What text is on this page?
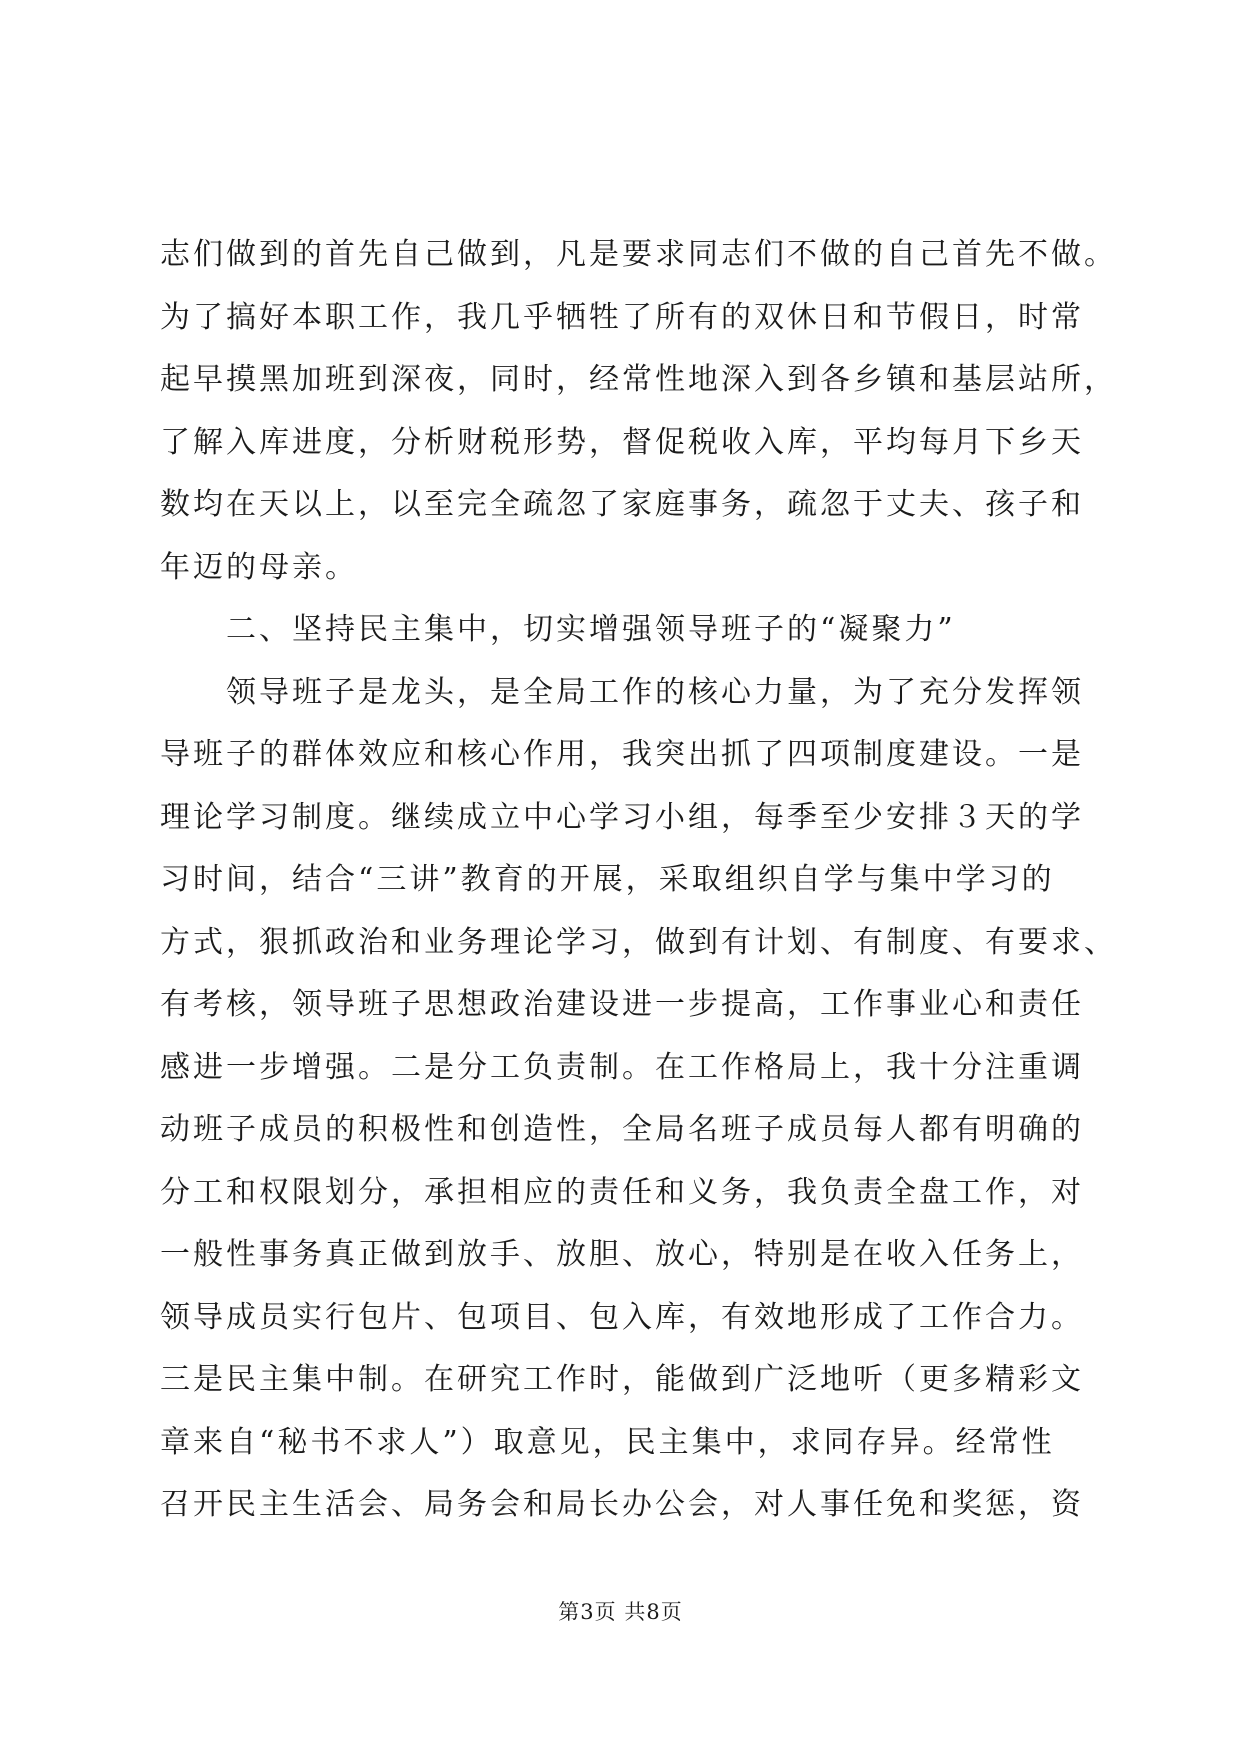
志们做到的首先自己做到，凡是要求同志们不做的自己首先不做。
为了搞好本职工作，我几乎牺牲了所有的双休日和节假日，时常
起早摸黑加班到深夜，同时，经常性地深入到各乡镇和基层站所，
了解入库进度，分析财税形势，督促税收入库，平均每月下乡天
数均在天以上，以至完全疏忽了家庭事务，疏忽于丈夫、孩子和
年迈的母亲。
　　二、坚持民主集中，切实增强领导班子的“凝聚力”
　　领导班子是龙头，是全局工作的核心力量，为了充分发挥领
导班子的群体效应和核心作用，我突出抓了四项制度建设。一是
理论学习制度。继续成立中心学习小组，每季至少安排３天的学
习时间，结合“三讲”教育的开展，采取组织自学与集中学习的
方式，狠抓政治和业务理论学习，做到有计划、有制度、有要求、
有考核，领导班子思想政治建设进一步提高，工作事业心和责任
感进一步增强。二是分工负责制。在工作格局上，我十分注重调
动班子成员的积极性和创造性，全局名班子成员每人都有明确的
分工和权限划分，承担相应的责任和义务，我负责全盘工作，对
一般性事务真正做到放手、放胆、放心，特别是在收入任务上，
领导成员实行包片、包项目、包入库，有效地形成了工作合力。
三是民主集中制。在研究工作时，能做到广泛地听（更多精彩文
章来自“秘书不求人”）取意见，民主集中，求同存异。经常性
召开民主生活会、局务会和局长办公会，对人事任免和奖惩，资
第3页 共8页
